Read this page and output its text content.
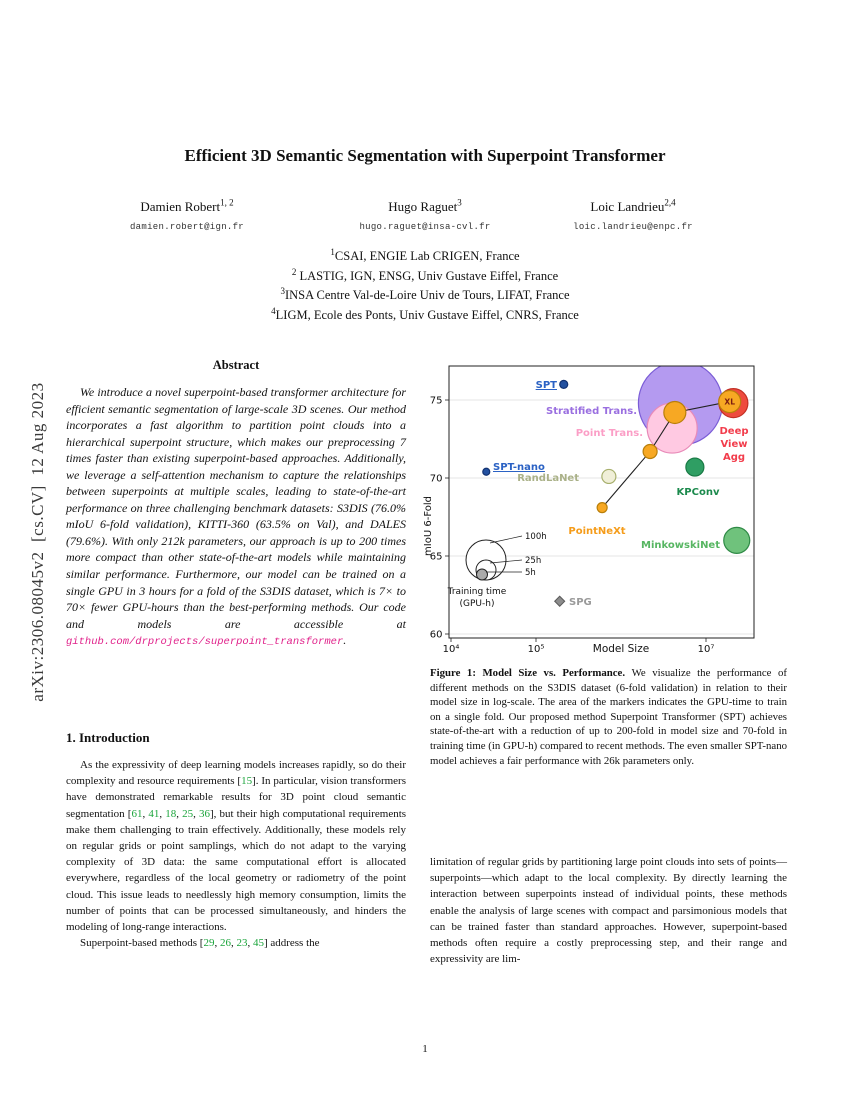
arXiv:2306.08045v2  [cs.CV]  12 Aug 2023
Efficient 3D Semantic Segmentation with Superpoint Transformer
Damien Robert$^{1, 2}$
damien.robert@ign.fr
Hugo Raguet$^3$
hugo.raguet@insa-cvl.fr
Loic Landrieu$^{2,4}$
loic.landrieu@enpc.fr
$^1$CSAI, ENGIE Lab CRIGEN, France
$^2$ LASTIG, IGN, ENSG, Univ Gustave Eiffel, France
$^3$INSA Centre Val-de-Loire Univ de Tours, LIFAT, France
$^4$LIGM, Ecole des Ponts, Univ Gustave Eiffel, CNRS, France
Abstract

We introduce a novel superpoint-based transformer architecture for efficient semantic segmentation of large-scale 3D scenes. Our method incorporates a fast algorithm to partition point clouds into a hierarchical superpoint structure, which makes our preprocessing 7 times faster than existing superpoint-based approaches. Additionally, we leverage a self-attention mechanism to capture the relationships between superpoints at multiple scales, leading to state-of-the-art performance on three challenging benchmark datasets: S3DIS (76.0% mIoU 6-fold validation), KITTI-360 (63.5% on Val), and DALES (79.6%). With only 212k parameters, our approach is up to 200 times more compact than other state-of-the-art models while maintaining similar performance. Furthermore, our model can be trained on a single GPU in 3 hours for a fold of the S3DIS dataset, which is 7× to 70× fewer GPU-hours than the best-performing methods. Our code and models are accessible at github.com/drprojects/superpoint_transformer.

1. Introduction

As the expressivity of deep learning models increases rapidly, so do their complexity and resource requirements [15]. In particular, vision transformers have demonstrated remarkable results for 3D point cloud semantic segmentation [61, 41, 18, 25, 36], but their high computational requirements make them challenging to train effectively. Additionally, these models rely on regular grids or point samplings, which do not adapt to the varying complexity of 3D data: the same computational effort is allocated everywhere, regardless of the local geometry or radiometry of the point cloud. This issue leads to needlessly high memory consumption, limits the number of points that can be processed simultaneously, and hinders the modeling of long-range interactions.

Superpoint-based methods [29, 26, 23, 45] address the

Stratified Trans.
Point Trans.	Deep
View
Agg
KPConv
MinkowskiNet
RandLaNet
SPG
XL
PointNeXt
SPT
SPT-nano
75
70
65
60
10⁴	10⁵	10⁷
Model Size
mIoU 6-Fold	100h
25h
5h
Training time
(GPU-h)

Figure 1: Model Size vs. Performance. We visualize the performance of different methods on the S3DIS dataset (6-fold validation) in relation to their model size in log-scale. The area of the markers indicates the GPU-time to train on a single fold. Our proposed method Superpoint Transformer (SPT) achieves state-of-the-art with a reduction of up to 200-fold in model size and 70-fold in training time (in GPU-h) compared to recent methods. The even smaller SPT-nano model achieves a fair performance with 26k parameters only.

limitation of regular grids by partitioning large point clouds into sets of points— superpoints—which adapt to the local complexity. By directly learning the interaction between superpoints instead of individual points, these methods enable the analysis of large scenes with compact and parsimonious models that can be trained faster than standard approaches. However, superpoint-based methods often require a costly preprocessing step, and their range and expressivity are lim-

1
